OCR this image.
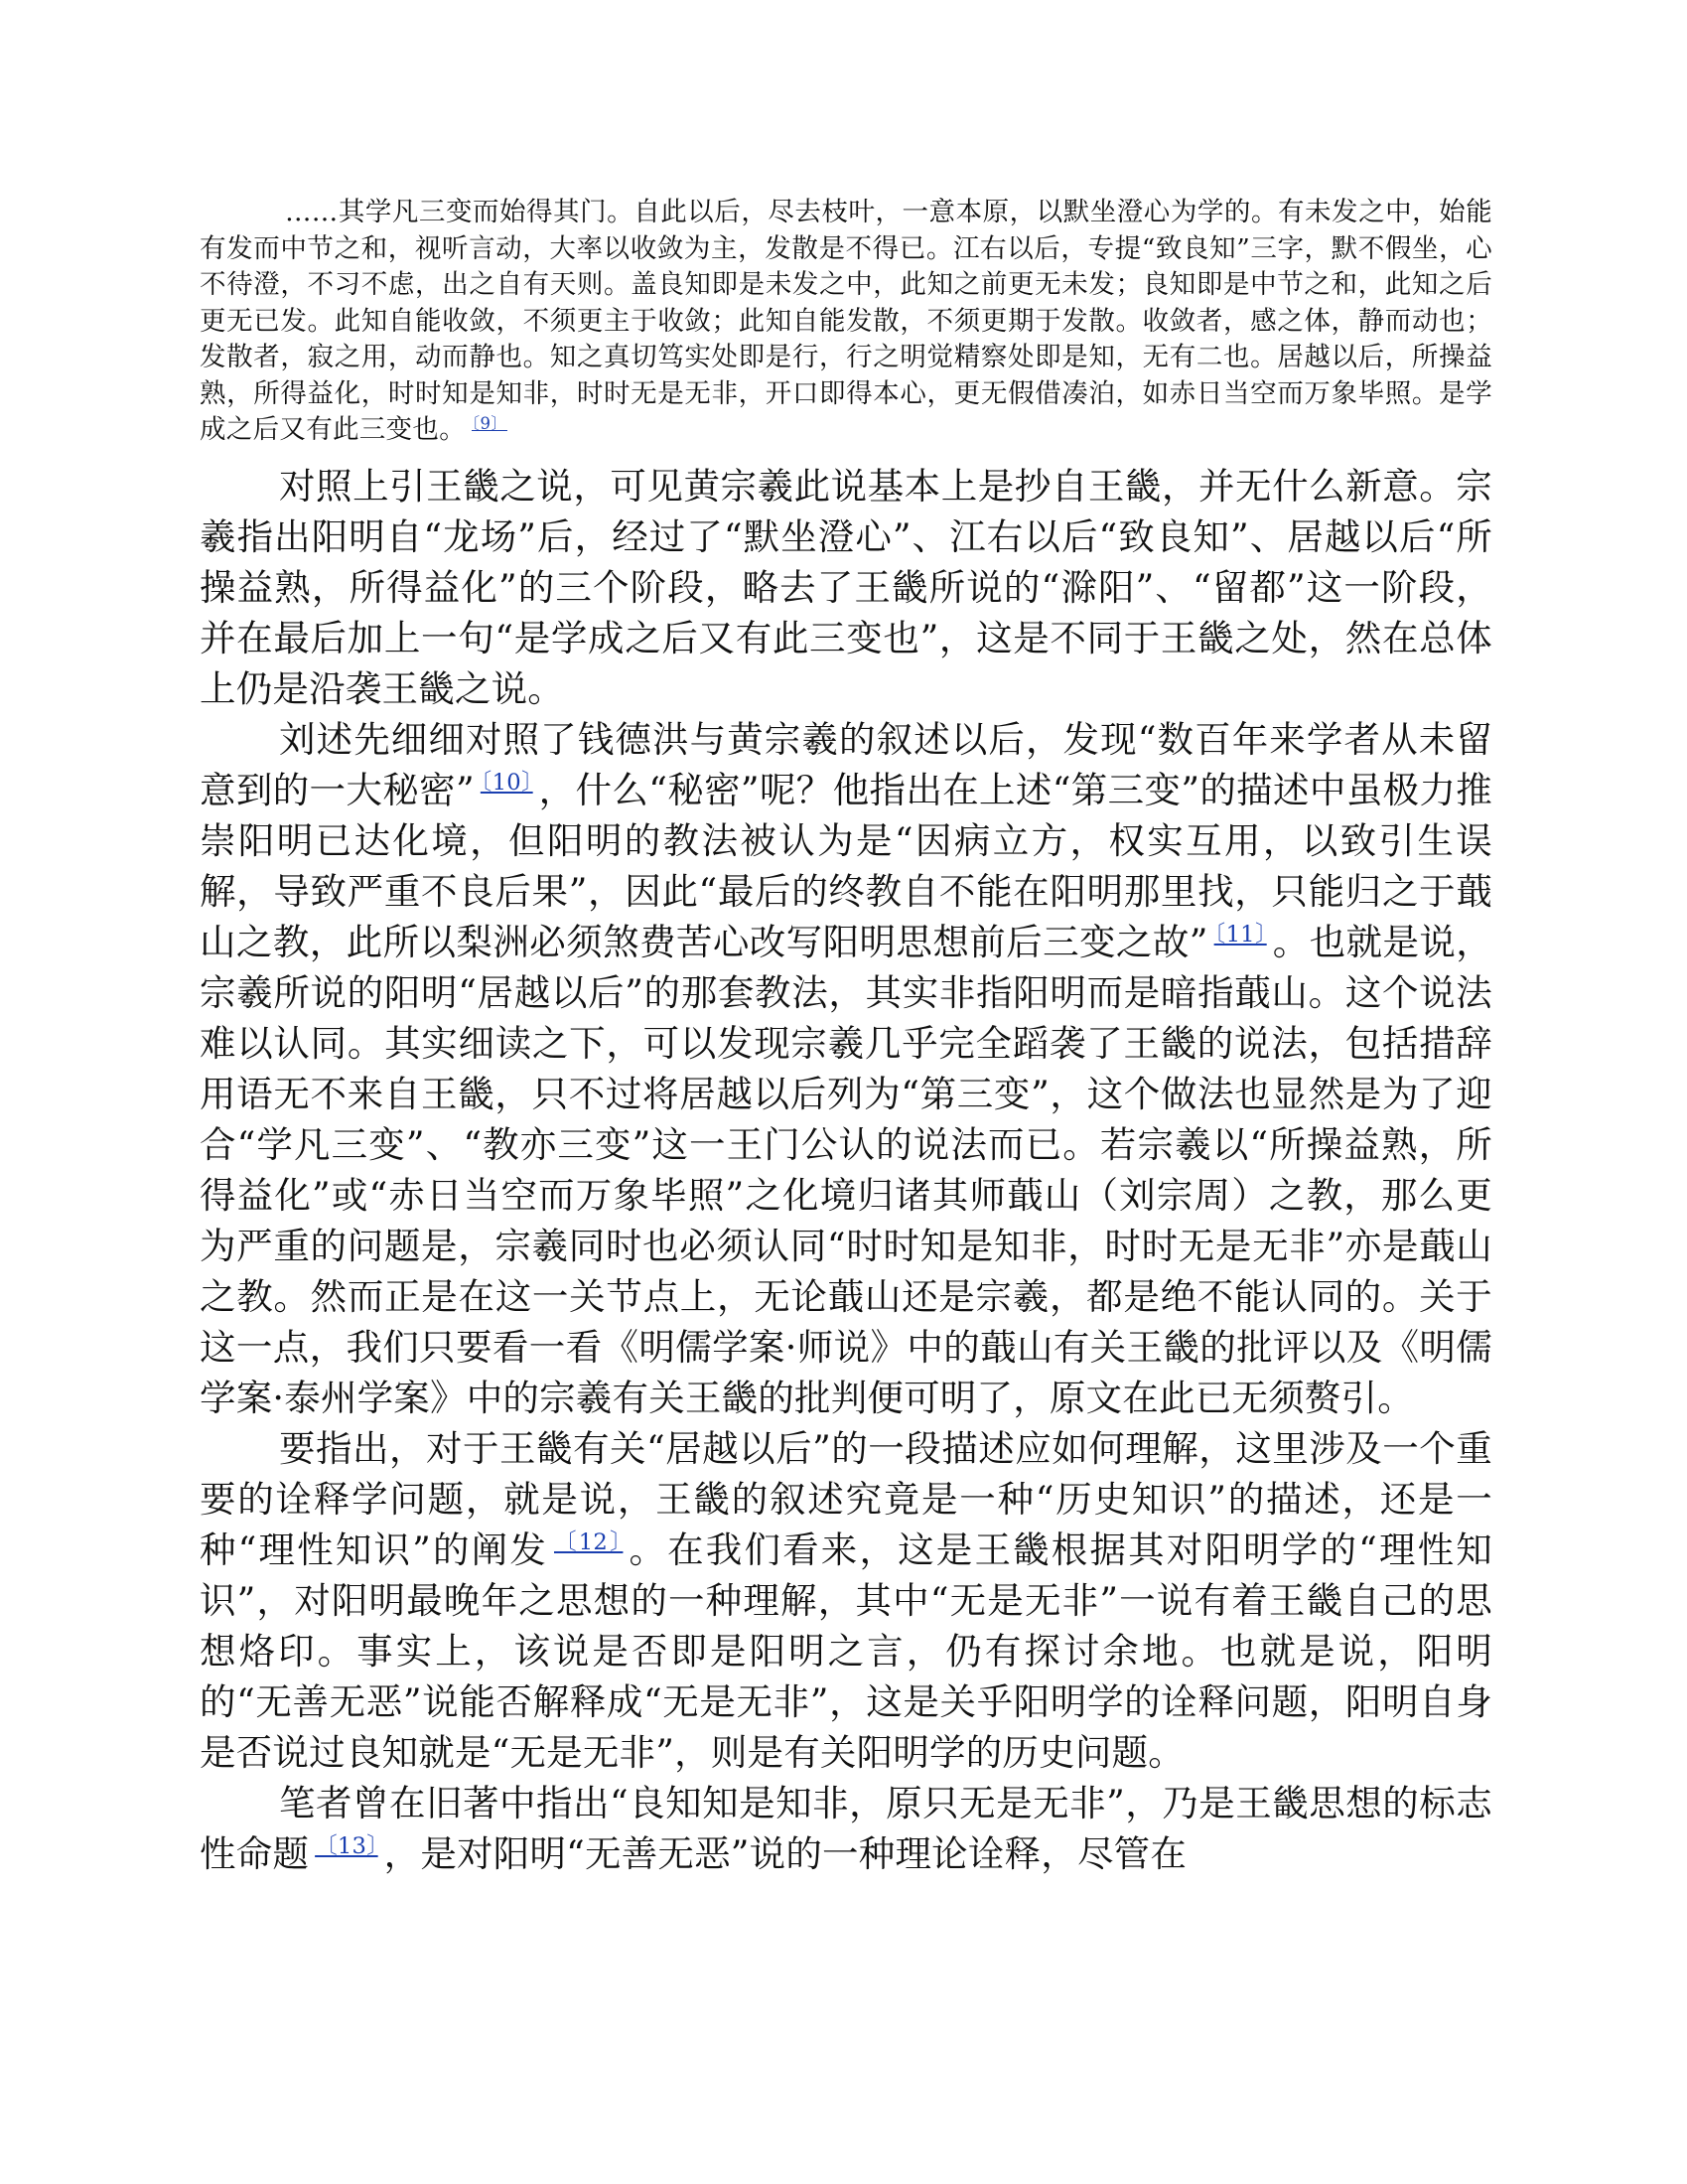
……其学凡三变而始得其门。自此以后，尽去枝叶，一意本原，以默坐澄心为学的。有未发之中，始能有发而中节之和，视听言动，大率以收敛为主，发散是不得已。江右以后，专提“致良知”三字，默不假坐，心不待澄，不习不虑，出之自有天则。盖良知即是未发之中，此知之前更无未发；良知即是中节之和，此知之后更无已发。此知自能收敛，不须更主于收敛；此知自能发散，不须更期于发散。收敛者，感之体，静而动也；发散者，寂之用，动而静也。知之真切笃实处即是行，行之明觉精察处即是知，无有二也。居越以后，所操益熟，所得益化，时时知是知非，时时无是无非，开口即得本心，更无假借凑泊，如赤日当空而万象毕照。是学成之后又有此三变也。 $^{〔9〕}$

对照上引王畿之说，可见黄宗羲此说基本上是抄自王畿，并无什么新意。宗羲指出阳明自“龙场”后，经过了“默坐澄心”、江右以后“致良知”、居越以后“所操益熟，所得益化”的三个阶段，略去了王畿所说的“滁阳”、“留都”这一阶段，并在最后加上一句“是学成之后又有此三变也”，这是不同于王畿之处，然在总体上仍是沿袭王畿之说。

刘述先细细对照了钱德洪与黄宗羲的叙述以后，发现“数百年来学者从未留意到的一大秘密” $^{〔10〕}$ ，什么“秘密”呢？他指出在上述“第三变”的描述中虽极力推崇阳明已达化境，但阳明的教法被认为是“因病立方，权实互用，以致引生误解，导致严重不良后果”，因此“最后的终教自不能在阳明那里找，只能归之于蕺山之教，此所以梨洲必须煞费苦心改写阳明思想前后三变之故” $^{〔11〕}$ 。也就是说，宗羲所说的阳明“居越以后”的那套教法，其实非指阳明而是暗指蕺山。这个说法难以认同。其实细读之下，可以发现宗羲几乎完全蹈袭了王畿的说法，包括措辞用语无不来自王畿，只不过将居越以后列为“第三变”，这个做法也显然是为了迎合“学凡三变”、“教亦三变”这一王门公认的说法而已。若宗羲以“所操益熟，所得益化”或“赤日当空而万象毕照”之化境归诸其师蕺山（刘宗周）之教，那么更为严重的问题是，宗羲同时也必须认同“时时知是知非，时时无是无非”亦是蕺山之教。然而正是在这一关节点上，无论蕺山还是宗羲，都是绝不能认同的。关于这一点，我们只要看一看《明儒学案·师说》中的蕺山有关王畿的批评以及《明儒学案·泰州学案》中的宗羲有关王畿的批判便可明了，原文在此已无须赘引。

要指出，对于王畿有关“居越以后”的一段描述应如何理解，这里涉及一个重要的诠释学问题，就是说，王畿的叙述究竟是一种“历史知识”的描述，还是一种“理性知识”的阐发 $^{〔12〕}$ 。在我们看来，这是王畿根据其对阳明学的“理性知识”，对阳明最晚年之思想的一种理解，其中“无是无非”一说有着王畿自己的思想烙印。事实上，该说是否即是阳明之言，仍有探讨余地。也就是说，阳明的“无善无恶”说能否解释成“无是无非”，这是关乎阳明学的诠释问题，阳明自身是否说过良知就是“无是无非”，则是有关阳明学的历史问题。

笔者曾在旧著中指出“良知知是知非，原只无是无非”，乃是王畿思想的标志性命题 $^{〔13〕}$ ，是对阳明“无善无恶”说的一种理论诠释，尽管在
